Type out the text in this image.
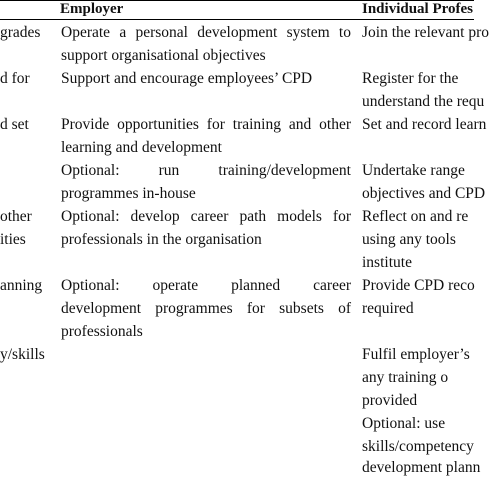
Employer	Individual Profes
grades
d for
d set
other
ities
anning
y/skills
Operate a personal development system to
support organisational objectives
Support and encourage employees’ CPD
Provide opportunities for training and other
learning and development
Optional: run training/development
programmes in-house
Optional: develop career path models for
professionals in the organisation
Optional: operate planned career
development programmes for subsets of
professionals
Join the relevant pro
Register for the
understand the requ
Set and record learn
Undertake range
objectives and CPD
Reflect on and re
using any tools
institute
Provide CPD reco
required
Fulfil employer’s
any training o
provided
Optional: use
skills/competency
development plann
